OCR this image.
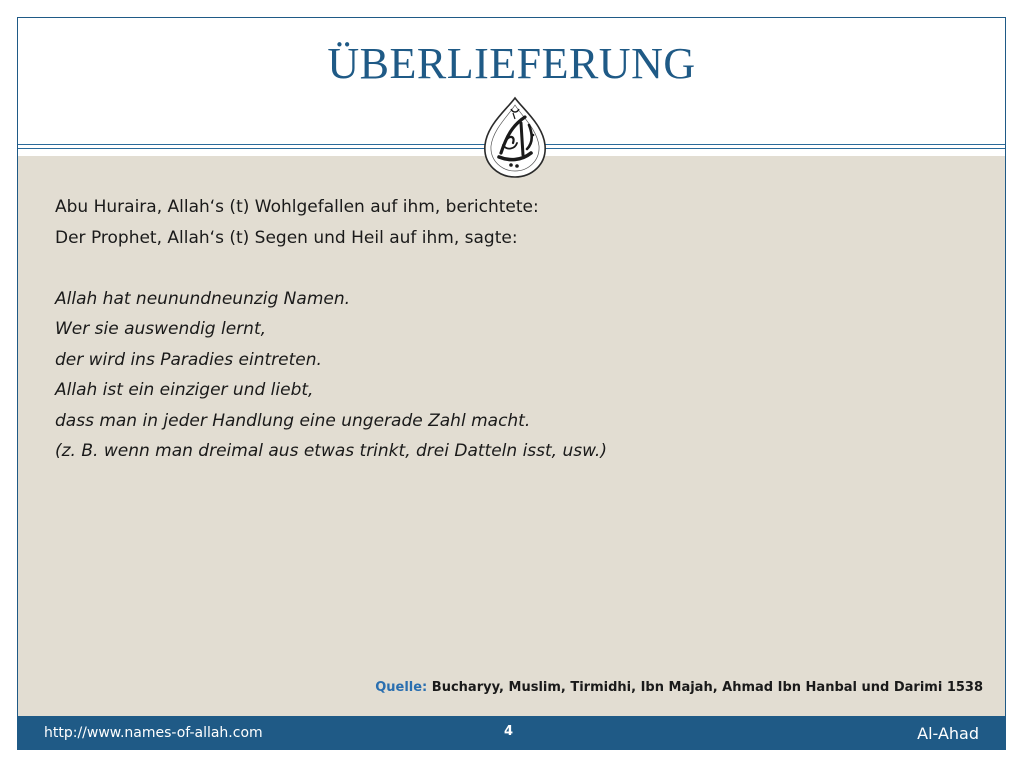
ÜBERLIEFERUNG
Abu Huraira, Allah‘s (t) Wohlgefallen auf ihm, berichtete:
Der Prophet, Allah‘s (t) Segen und Heil auf ihm, sagte:
Allah hat neunundneunzig Namen.
Wer sie auswendig lernt,
der wird ins Paradies eintreten.
Allah ist ein einziger und liebt,
dass man in jeder Handlung eine ungerade Zahl macht.
(z. B. wenn man dreimal aus etwas trinkt, drei Datteln isst, usw.)
Quelle: Bucharyy, Muslim, Tirmidhi, Ibn Majah, Ahmad Ibn Hanbal und Darimi 1538
http://www.names-of-allah.com	4	Al-Ahad
